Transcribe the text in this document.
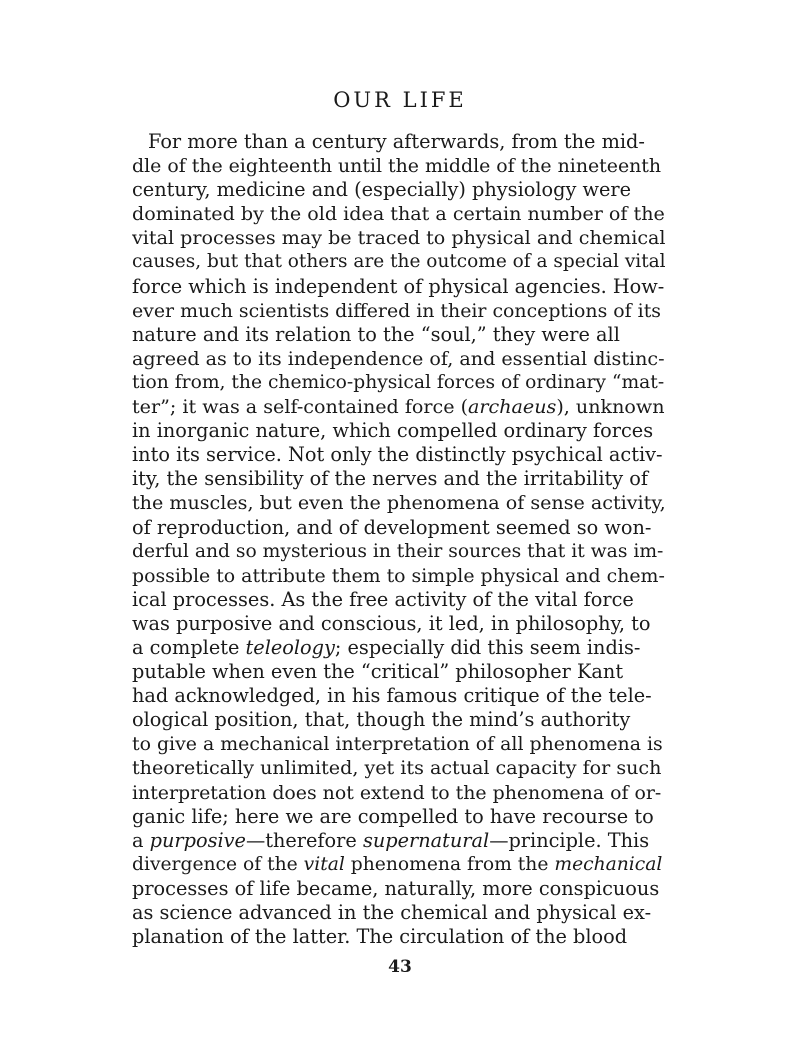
OUR LIFE
For more than a century afterwards, from the mid-
dle of the eighteenth until the middle of the nineteenth
century, medicine and (especially) physiology were
dominated by the old idea that a certain number of the
vital processes may be traced to physical and chemical
causes, but that others are the outcome of a special vital
force which is independent of physical agencies. How-
ever much scientists differed in their conceptions of its
nature and its relation to the “soul,” they were all
agreed as to its independence of, and essential distinc-
tion from, the chemico-physical forces of ordinary “mat-
ter”; it was a self-contained force (archaeus), unknown
in inorganic nature, which compelled ordinary forces
into its service. Not only the distinctly psychical activ-
ity, the sensibility of the nerves and the irritability of
the muscles, but even the phenomena of sense activity,
of reproduction, and of development seemed so won-
derful and so mysterious in their sources that it was im-
possible to attribute them to simple physical and chem-
ical processes. As the free activity of the vital force
was purposive and conscious, it led, in philosophy, to
a complete teleology; especially did this seem indis-
putable when even the “critical” philosopher Kant
had acknowledged, in his famous critique of the tele-
ological position, that, though the mind’s authority
to give a mechanical interpretation of all phenomena is
theoretically unlimited, yet its actual capacity for such
interpretation does not extend to the phenomena of or-
ganic life; here we are compelled to have recourse to
a purposive—therefore supernatural—principle. This
divergence of the vital phenomena from the mechanical
processes of life became, naturally, more conspicuous
as science advanced in the chemical and physical ex-
planation of the latter. The circulation of the blood
43
